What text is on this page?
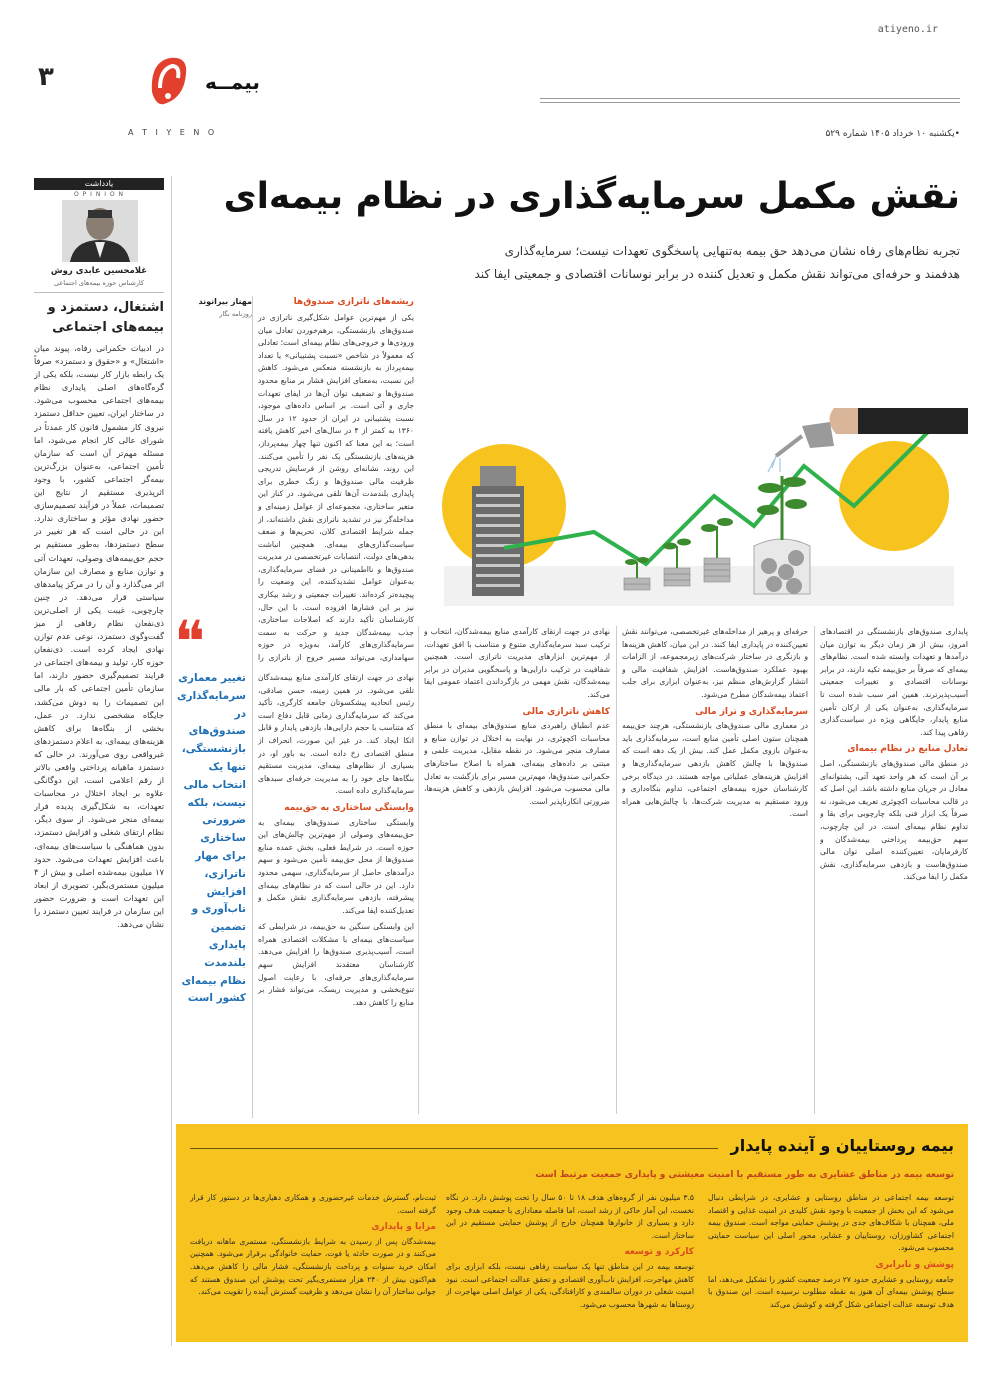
atiyeno.ir
٣	بیمــه
A T I Y E N O	•یکشنبه ۱۰ خرداد ۱۴۰۵ شماره ۵۲۹
یادداشت
O P I N I O N
غلامحسین عابدی روش
کارشناس حوزه بیمه‌های اجتماعی
اشتغال، دستمزد و بیمه‌های اجتماعی
در ادبیات حکمرانی رفاه، پیوند میان «اشتغال» و «حقوق و دستمزد» صرفاً یک رابطه بازار کار نیست، بلکه یکی از گره‌گاه‌های اصلی پایداری نظام بیمه‌های اجتماعی محسوب می‌شود. در ساختار ایران، تعیین حداقل دستمزد نیروی کار مشمول قانون کار عمدتاً در شورای عالی کار انجام می‌شود، اما مسئله مهم‌تر آن است که سازمان تأمین اجتماعی، به‌عنوان بزرگ‌ترین بیمه‌گر اجتماعی کشور، با وجود اثرپذیری مستقیم از نتایج این تصمیمات، عملاً در فرآیند تصمیم‌سازی حضور نهادی مؤثر و ساختاری ندارد. این در حالی است که هر تغییر در سطح دستمزدها، به‌طور مستقیم بر حجم حق‌بیمه‌های وصولی، تعهدات آتی و توازن منابع و مصارف این سازمان اثر می‌گذارد و آن را در مرکز پیامدهای سیاستی قرار می‌دهد. در چنین چارچوبی، غیبت یکی از اصلی‌ترین ذی‌نفعان نظام رفاهی از میز گفت‌وگوی دستمزد، نوعی عدم توازن نهادی ایجاد کرده است. ذی‌نفعان حوزه کار، تولید و بیمه‌های اجتماعی در فرایند تصمیم‌گیری حضور دارند، اما سازمان تأمین اجتماعی که بار مالی این تصمیمات را به دوش می‌کشد، جایگاه مشخصی ندارد. در عمل، بخشی از بنگاه‌ها برای کاهش هزینه‌های بیمه‌ای، به اعلام دستمزدهای غیرواقعی روی می‌آورند. در حالی که دستمزد ماهیانه پرداختی واقعی بالاتر از رقم اعلامی است، این دوگانگی علاوه بر ایجاد اختلال در محاسبات تعهدات، به شکل‌گیری پدیده فرار بیمه‌ای منجر می‌شود. از سوی دیگر، نظام ارتقای شغلی و افزایش دستمزد، بدون هماهنگی با سیاست‌های بیمه‌ای، باعث افزایش تعهدات می‌شود. حدود ۱۷ میلیون بیمه‌شده اصلی و بیش از ۴ میلیون مستمری‌بگیر، تصویری از ابعاد این تعهدات است و ضرورت حضور این سازمان در فرایند تعیین دستمزد را نشان می‌دهد.
نقش مکمل سرمایه‌گذاری در نظام بیمه‌ای
تجربه نظام‌های رفاه نشان می‌دهد حق بیمه به‌تنهایی پاسخگوی تعهدات نیست؛ سرمایه‌گذاری هدفمند و حرفه‌ای می‌تواند نقش مکمل و تعدیل کننده در برابر نوسانات اقتصادی و جمعیتی ایفا کند
مهناز بیرانوند
روزنامه نگار
❝
تغییر معماری سرمایه‌گذاری در صندوق‌های بازنشستگی، تنها یک انتخاب مالی نیست، بلکه ضرورتی ساختاری برای مهار ناترازی، افزایش تاب‌آوری و تضمین پایداری بلندمدت نظام بیمه‌ای کشور است
ریشه‌های ناترازی صندوق‌ها
یکی از مهم‌ترین عوامل شکل‌گیری ناترازی در صندوق‌های بازنشستگی، برهم‌خوردن تعادل میان ورودی‌ها و خروجی‌های نظام بیمه‌ای است؛ تعادلی که معمولاً در شاخص «نسبت پشتیبانی» یا تعداد بیمه‌پرداز به بازنشسته منعکس می‌شود. کاهش این نسبت، به‌معنای افزایش فشار بر منابع محدود صندوق‌ها و تضعیف توان آن‌ها در ایفای تعهدات جاری و آتی است. بر اساس داده‌های موجود، نسبت پشتیبانی در ایران از حدود ۱۲ در سال ۱۳۶۰ به کمتر از ۴ در سال‌های اخیر کاهش یافته است؛ به این معنا که اکنون تنها چهار بیمه‌پرداز، هزینه‌های بازنشستگی یک نفر را تأمین می‌کنند. این روند، نشانه‌ای روشن از فرسایش تدریجی ظرفیت مالی صندوق‌ها و زنگ خطری برای پایداری بلندمدت آن‌ها تلقی می‌شود. در کنار این متغیر ساختاری، مجموعه‌ای از عوامل زمینه‌ای و مداخله‌گر نیز در تشدید ناترازی نقش داشته‌اند، از جمله شرایط اقتصادی کلان، تحریم‌ها و ضعف سیاست‌گذاری‌های بیمه‌ای. همچنین انباشت بدهی‌های دولت، انتصابات غیرتخصصی در مدیریت صندوق‌ها و نااطمینانی در فضای سرمایه‌گذاری، به‌عنوان عوامل تشدیدکننده، این وضعیت را پیچیده‌تر کرده‌اند. تغییرات جمعیتی و رشد بیکاری نیز بر این فشارها افزوده است. با این حال، کارشناسان تأکید دارند که اصلاحات ساختاری، جذب بیمه‌شدگان جدید و حرکت به سمت سرمایه‌گذاری‌های کارآمد، به‌ویژه در حوزه سهامداری، می‌تواند مسیر خروج از ناترازی را

پایداری صندوق‌های بازنشستگی در اقتصادهای امروز، بیش از هر زمان دیگر به توازن میان درآمدها و تعهدات وابسته شده است. نظام‌های بیمه‌ای که صرفاً بر حق‌بیمه تکیه دارند، در برابر نوسانات اقتصادی و تغییرات جمعیتی آسیب‌پذیرترند. همین امر سبب شده است تا سرمایه‌گذاری، به‌عنوان یکی از ارکان تأمین منابع پایدار، جایگاهی ویژه در سیاست‌گذاری رفاهی پیدا کند.

تعادل منابع در نظام بیمه‌ای

در منطق مالی صندوق‌های بازنشستگی، اصل بر آن است که هر واحد تعهد آتی، پشتوانه‌ای معادل در جریان منابع داشته باشد. این اصل که در قالب محاسبات اکچوئری تعریف می‌شود، نه صرفاً یک ابزار فنی بلکه چارچوبی برای بقا و تداوم نظام بیمه‌ای است. در این چارچوب، سهم حق‌بیمه پرداختی بیمه‌شدگان و کارفرمایان، تعیین‌کننده اصلی توان مالی صندوق‌هاست و بازدهی سرمایه‌گذاری، نقش مکمل را ایفا می‌کند.

حرفه‌ای و پرهیز از مداخله‌های غیرتخصصی، می‌توانند نقش تعیین‌کننده در پایداری ایفا کنند. در این میان، کاهش هزینه‌ها و بازنگری در ساختار شرکت‌های زیرمجموعه، از الزامات بهبود عملکرد صندوق‌هاست. افزایش شفافیت مالی و انتشار گزارش‌های منظم نیز، به‌عنوان ابزاری برای جلب اعتماد بیمه‌شدگان مطرح می‌شود.

سرمایه‌گذاری و تراز مالی

در معماری مالی صندوق‌های بازنشستگی، هرچند حق‌بیمه همچنان ستون اصلی تأمین منابع است، سرمایه‌گذاری باید به‌عنوان بازوی مکمل عمل کند. بیش از یک دهه است که صندوق‌ها با چالش کاهش بازدهی سرمایه‌گذاری‌ها و افزایش هزینه‌های عملیاتی مواجه هستند. در دیدگاه برخی کارشناسان حوزه بیمه‌های اجتماعی، تداوم بنگاه‌داری و ورود مستقیم به مدیریت شرکت‌ها، با چالش‌هایی همراه است.

نهادی در جهت ارتقای کارآمدی منابع بیمه‌شدگان، انتخاب و ترکیب سبد سرمایه‌گذاری متنوع و متناسب با افق تعهدات، از مهم‌ترین ابزارهای مدیریت ناترازی است. همچنین شفافیت در ترکیب دارایی‌ها و پاسخگویی مدیران در برابر بیمه‌شدگان، نقش مهمی در بازگرداندن اعتماد عمومی ایفا می‌کند.

کاهش ناترازی مالی

عدم انطباق راهبردی منابع صندوق‌های بیمه‌ای با منطق محاسبات اکچوئری، در نهایت به اختلال در توازن منابع و مصارف منجر می‌شود. در نقطه مقابل، مدیریت علمی و مبتنی بر داده‌های بیمه‌ای، همراه با اصلاح ساختارهای حکمرانی صندوق‌ها، مهم‌ترین مسیر برای بازگشت به تعادل مالی محسوب می‌شود. افزایش بازدهی و کاهش هزینه‌ها، ضرورتی انکارناپذیر است.

نهادی در جهت ارتقای کارآمدی منابع بیمه‌شدگان تلقی می‌شود. در همین زمینه، حسن صادقی، رئیس اتحادیه پیشکسوتان جامعه کارگری، تأکید می‌کند که سرمایه‌گذاری زمانی قابل دفاع است که متناسب با حجم دارایی‌ها، بازدهی پایدار و قابل اتکا ایجاد کند. در غیر این صورت، انحراف از منطق اقتصادی رخ داده است. به باور او، در بسیاری از نظام‌های بیمه‌ای، مدیریت مستقیم بنگاه‌ها جای خود را به مدیریت حرفه‌ای سبدهای سرمایه‌گذاری داده است.

وابستگی ساختاری به حق‌بیمه

وابستگی ساختاری صندوق‌های بیمه‌ای به حق‌بیمه‌های وصولی از مهم‌ترین چالش‌های این حوزه است. در شرایط فعلی، بخش عمده منابع صندوق‌ها از محل حق‌بیمه تأمین می‌شود و سهم درآمدهای حاصل از سرمایه‌گذاری، سهمی محدود دارد. این در حالی است که در نظام‌های بیمه‌ای پیشرفته، بازدهی سرمایه‌گذاری نقش مکمل و تعدیل‌کننده ایفا می‌کند.

این وابستگی سنگین به حق‌بیمه، در شرایطی که سیاست‌های بیمه‌ای با مشکلات اقتصادی همراه است، آسیب‌پذیری صندوق‌ها را افزایش می‌دهد. کارشناسان معتقدند افزایش سهم سرمایه‌گذاری‌های حرفه‌ای، با رعایت اصول تنوع‌بخشی و مدیریت ریسک، می‌تواند فشار بر منابع را کاهش دهد.

بیمه روستاییان و آینده پایدار
توسعه بیمه در مناطق عشایری به طور مستقیم با امنیت معیشتی و پایداری جمعیت مرتبط است

توسعه بیمه اجتماعی در مناطق روستایی و عشایری، در شرایطی دنبال می‌شود که این بخش از جمعیت با وجود نقش کلیدی در امنیت غذایی و اقتصاد ملی، همچنان با شکاف‌های جدی در پوشش حمایتی مواجه است. صندوق بیمه اجتماعی کشاورزان، روستاییان و عشایر، محور اصلی این سیاست حمایتی محسوب می‌شود.

پوشش و نابرابری

جامعه روستایی و عشایری حدود ۲۷ درصد جمعیت کشور را تشکیل می‌دهد، اما سطح پوشش بیمه‌ای آن هنوز به نقطه مطلوب نرسیده است. این صندوق با هدف توسعه عدالت اجتماعی شکل گرفته و کوشش می‌کند

۳.۵ میلیون نفر از گروه‌های هدف ۱۸ تا ۵۰ سال را تحت پوشش دارد. در نگاه نخست، این آمار حاکی از رشد است، اما فاصله معناداری با جمعیت هدف وجود دارد و بسیاری از خانوارها همچنان خارج از پوشش حمایتی مستقیم در این ساختار است.

کارکرد و توسعه

توسعه بیمه در این مناطق تنها یک سیاست رفاهی نیست، بلکه ابزاری برای کاهش مهاجرت، افزایش تاب‌آوری اقتصادی و تحقق عدالت اجتماعی است. نبود امنیت شغلی در دوران سالمندی و کارافتادگی، یکی از عوامل اصلی مهاجرت از روستاها به شهرها محسوب می‌شود.

ثبت‌نام، گسترش خدمات غیرحضوری و همکاری دهیاری‌ها در دستور کار قرار گرفته است.

مزایا و پایداری

بیمه‌شدگان پس از رسیدن به شرایط بازنشستگی، مستمری ماهانه دریافت می‌کنند و در صورت حادثه یا فوت، حمایت خانوادگی برقرار می‌شود. همچنین امکان خرید سنوات و پرداخت بازنشستگی، فشار مالی را کاهش می‌دهد. هم‌اکنون بیش از ۲۴۰ هزار مستمری‌بگیر تحت پوشش این صندوق هستند که جوانی ساختار آن را نشان می‌دهد و ظرفیت گسترش آینده را تقویت می‌کند.
